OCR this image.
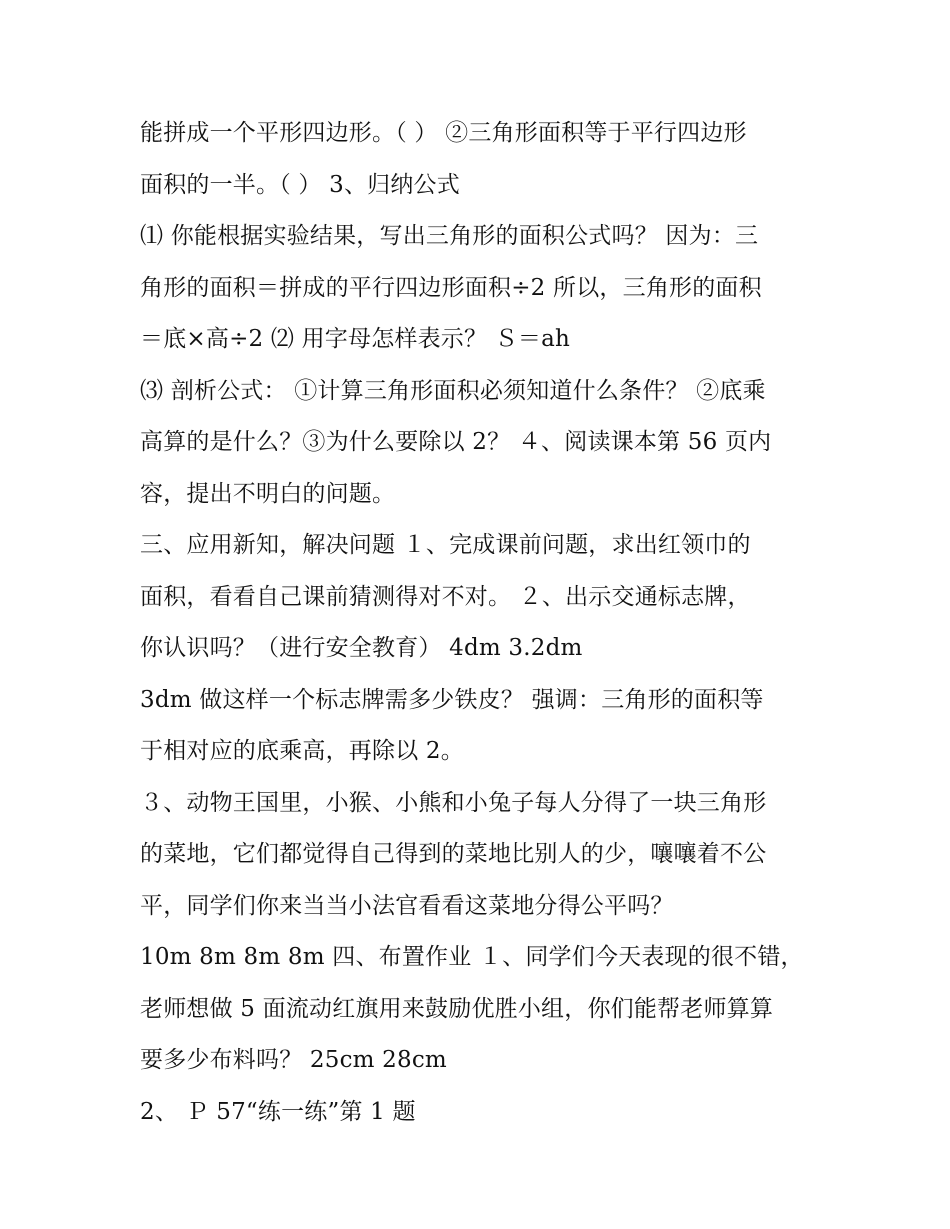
能拼成一个平形四边形。（ ） ②三角形面积等于平行四边形
面积的一半。（ ） 3、归纳公式
⑴ 你能根据实验结果，写出三角形的面积公式吗？ 因为：三
角形的面积＝拼成的平行四边形面积÷2 所以，三角形的面积
＝底×高÷2 ⑵ 用字母怎样表示？ Ｓ＝ah
⑶ 剖析公式： ①计算三角形面积必须知道什么条件？ ②底乘
高算的是什么？③为什么要除以 2？ ４、阅读课本第 56 页内
容，提出不明白的问题。
三、应用新知，解决问题 １、完成课前问题，求出红领巾的
面积，看看自己课前猜测得对不对。 ２、出示交通标志牌，
你认识吗？（进行安全教育） 4dm 3.2dm
3dm 做这样一个标志牌需多少铁皮？ 强调：三角形的面积等
于相对应的底乘高，再除以 2。
３、动物王国里，小猴、小熊和小兔子每人分得了一块三角形
的菜地，它们都觉得自己得到的菜地比别人的少，嚷嚷着不公
平，同学们你来当当小法官看看这菜地分得公平吗？
10m 8m 8m 8m 四、布置作业 １、同学们今天表现的很不错，
老师想做 5 面流动红旗用来鼓励优胜小组，你们能帮老师算算
要多少布料吗？ 25cm 28cm
2、 Ｐ 57“练一练”第 1 题
